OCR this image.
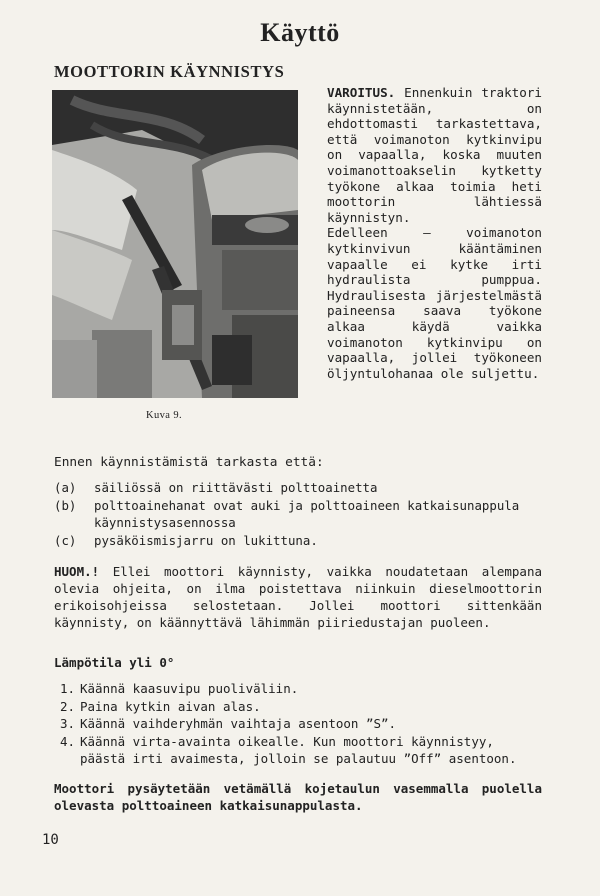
Käyttö
MOOTTORIN KÄYNNISTYS
Kuva 9.

VAROITUS. Ennenkuin traktori käynnistetään, on ehdottomasti tarkastettava, että voimanoton kytkinvipu on vapaalla, koska muuten voimanottoakselin kytketty työkone alkaa toimia heti moottorin lähtiessä käynnistyn.

Edelleen — voimanoton kytkinvivun kääntäminen vapaalle ei kytke irti hydraulista pumppua. Hydraulisesta järjestelmästä paineensa saava työkone alkaa käydä vaikka voimanoton kytkinvipu on vapaalla, jollei työkoneen öljyntulohanaa ole suljettu.

Ennen käynnistämistä tarkasta että:
(a)	säiliössä on riittävästi polttoainetta
(b)	polttoainehanat ovat auki ja polttoaineen katkaisunappula käynnistysasennossa
(c)	pysäköismisjarru on lukittuna.
HUOM.! Ellei moottori käynnisty, vaikka noudatetaan alempana olevia ohjeita, on ilma poistettava niinkuin dieselmoottorin erikoisohjeissa selostetaan. Jollei moottori sittenkään käynnisty, on käännyttävä lähimmän piiriedustajan puoleen.
Lämpötila yli 0°
1. Käännä kaasuvipu puoliväliin.
2. Paina kytkin aivan alas.
3. Käännä vaihderyhmän vaihtaja asentoon ”S”.
4. Käännä virta-avainta oikealle. Kun moottori käynnistyy, päästä irti avaimesta, jolloin se palautuu ”Off” asentoon.
Moottori pysäytetään vetämällä kojetaulun vasemmalla puolella olevasta polttoaineen katkaisunappulasta.
10
